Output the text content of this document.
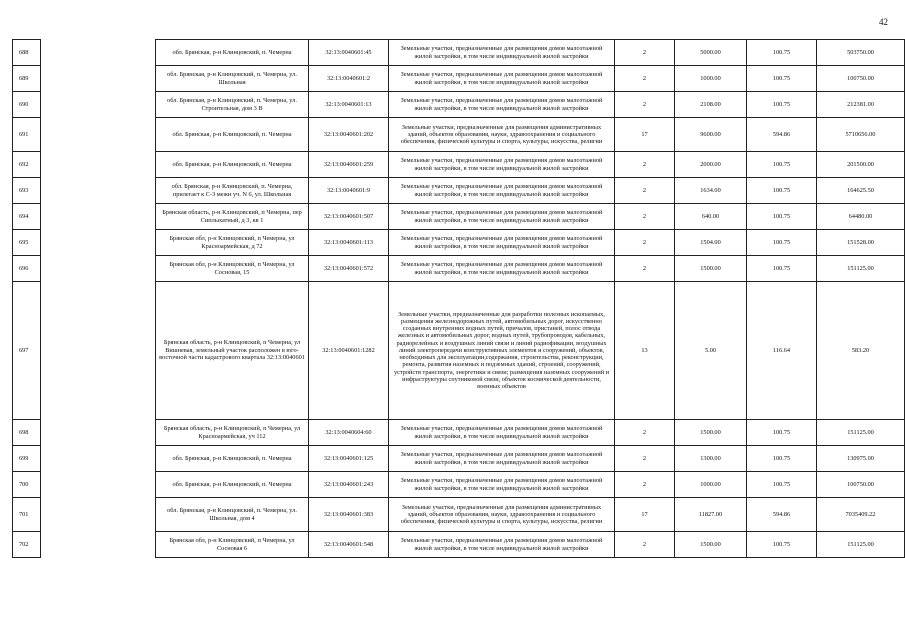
42
688		обл. Брянская, р-н Клинцовский, п. Чемерна	32:13:0040601:45	Земельные участки, предназначенные для размещения домов малоэтажной жилой застройки, в том числе индивидуальной жилой застройки	2	5000.00	100.75	503750.00
689		обл. Брянская, р-н Клинцовский, п. Чемерна, ул. Школьная	32:13:0040601:2	Земельные участки, предназначенные для размещения домов малоэтажной жилой застройки, в том числе индивидуальной жилой застройки	2	1000.00	100.75	100750.00
690		обл. Брянская, р-н Клинцовский, п. Чемерна, ул. Строительная, дом 3 В	32:13:0040601:13	Земельные участки, предназначенные для размещения домов малоэтажной жилой застройки, в том числе индивидуальной жилой застройки	2	2108.00	100.75	212381.00
691		обл. Брянская, р-н Клинцовский, п. Чемерна	32:13:0040601:202	Земельные участки, предназначенные для размещения административных зданий, объектов образования, науки, здравоохранения и социального обеспечения, физической культуры и спорта, культуры, искусства, религии	17	9600.00	594.86	5710656.00
692		обл. Брянская, р-н Клинцовский, п. Чемерна	32:13:0040601:259	Земельные участки, предназначенные для размещения домов малоэтажной жилой застройки, в том числе индивидуальной жилой застройки	2	2000.00	100.75	201500.00
693		обл. Брянская, р-н Клинцовский, п. Чемерна, прилегает к С-3 межи уч. N 6, ул. Школьная	32:13:0040601:9	Земельные участки, предназначенные для размещения домов малоэтажной жилой застройки, в том числе индивидуальной жилой застройки	2	1634.00	100.75	164625.50
694		Брянская область, р-н Клинцовский, п Чемерна, пер Сиплыхатный, д 3, кв 1	32:13:0040601:507	Земельные участки, предназначенные для размещения домов малоэтажной жилой застройки, в том числе индивидуальной жилой застройки	2	640.00	100.75	64480.00
695		Брянская обл, р-н Клинцовский, п Чемерна, ул Красноармейская, д 72	32:13:0040601:113	Земельные участки, предназначенные для размещения домов малоэтажной жилой застройки, в том числе индивидуальной жилой застройки	2	1504.00	100.75	151528.00
696		Брянская обл, р-н Клинцовский, п Чемерна, ул Сосновая, 15	32:13:0040601:572	Земельные участки, предназначенные для размещения домов малоэтажной жилой застройки, в том числе индивидуальной жилой застройки	2	1500.00	100.75	151125.00
697		Брянская область, р-н Клинцовский, п Чемерна, ул Вишневая, земельный участок расположен в юго-восточной части кадастрового квартала 32:13:0040601	32:13:0040601:1282	Земельные участки, предназначенные для разработки полезных ископаемых, размещения железнодорожных путей, автомобильных дорог, искусственно созданных внутренних водных путей, причалов, пристаней, полос отвода железных и автомобильных дорог, водных путей, трубопроводов, кабельных, радиорелейных и воздушных линий связи и линий радиофикации, воздушных линий электропередачи конструктивных элементов и сооружений, объектов, необходимых для эксплуатации,содержания, строительства, реконструкции, ремонта, развития наземных и подземных зданий, строений, сооружений, устройств транспорта, энергетики и связи; размещения наземных сооружений и инфраструктуры спутниковой связи, объектов космической деятельности, военных объектов	13	5.00	116.64	583.20
698		Брянская область, р-н Клинцовский, п Чемерна, ул Красноармейская, уч 112	32:13:0040604:60	Земельные участки, предназначенные для размещения домов малоэтажной жилой застройки, в том числе индивидуальной жилой застройки	2	1500.00	100.75	151125.00
699		обл. Брянская, р-н Клинцовский, п. Чемерна	32:13:0040601:125	Земельные участки, предназначенные для размещения домов малоэтажной жилой застройки, в том числе индивидуальной жилой застройки	2	1300.00	100.75	130975.00
700		обл. Брянская, р-н Клинцовский, п. Чемерна	32:13:0040601:243	Земельные участки, предназначенные для размещения домов малоэтажной жилой застройки, в том числе индивидуальной жилой застройки	2	1000.00	100.75	100750.00
701		обл. Брянская, р-н Клинцовский, п. Чемерна, ул. Школьная, дом 4	32:13:0040601:383	Земельные участки, предназначенные для размещения административных зданий, объектов образования, науки, здравоохранения и социального обеспечения, физической культуры и спорта, культуры, искусства, религии	17	11827.00	594.86	7035409.22
702		Брянская обл, р-н Клинцовский, п Чемерна, ул Сосновая 6	32:13:0040601:548	Земельные участки, предназначенные для размещения домов малоэтажной жилой застройки, в том числе индивидуальной жилой застройки	2	1500.00	100.75	151125.00
